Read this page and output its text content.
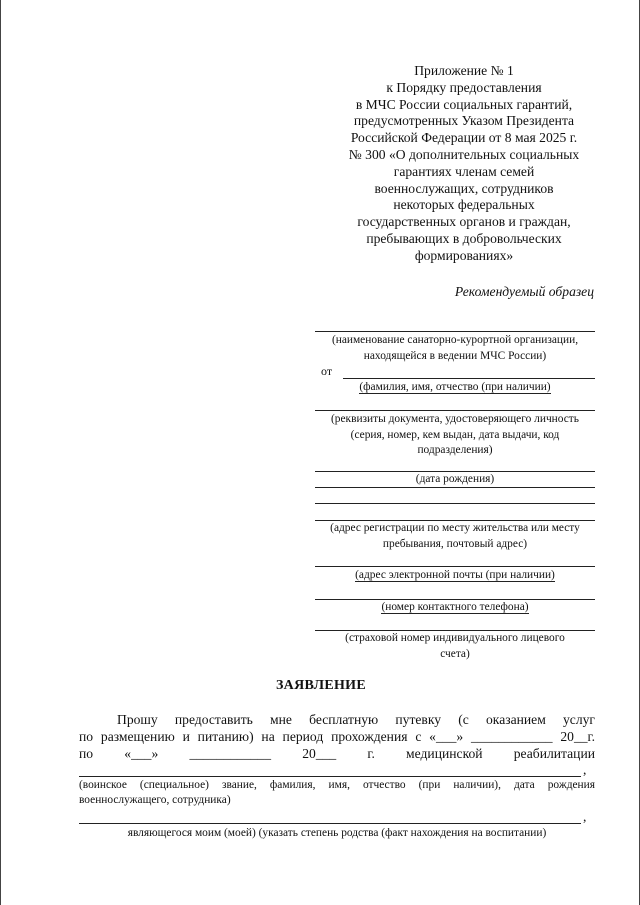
Приложение № 1
к Порядку предоставления
в МЧС России социальных гарантий,
предусмотренных Указом Президента
Российской Федерации от 8 мая 2025 г.
№ 300 «О дополнительных социальных
гарантиях членам семей
военнослужащих, сотрудников
некоторых федеральных
государственных органов и граждан,
пребывающих в добровольческих
формированиях»
Рекомендуемый образец
(наименование санаторно-курортной организации,
находящейся в ведении МЧС России)
от
(фамилия, имя, отчество (при наличии)
(реквизиты документа, удостоверяющего личность
(серия, номер, кем выдан, дата выдачи, код
подразделения)
(дата рождения)
(адрес регистрации по месту жительства или месту
пребывания, почтовый адрес)
(адрес электронной почты (при наличии)
(номер контактного телефона)
(страховой номер индивидуального лицевого
счета)
ЗАЯВЛЕНИЕ
Прошу предоставить мне бесплатную путевку (с оказанием услуг
по размещению и питанию) на период прохождения с «___» ____________ 20__г.
по «___» ____________ 20___ г. медицинской реабилитации
,
(воинское (специальное) звание, фамилия, имя, отчество (при наличии), дата рождения
военнослужащего, сотрудника)
,
являющегося моим (моей) (указать степень родства (факт нахождения на воспитании)
